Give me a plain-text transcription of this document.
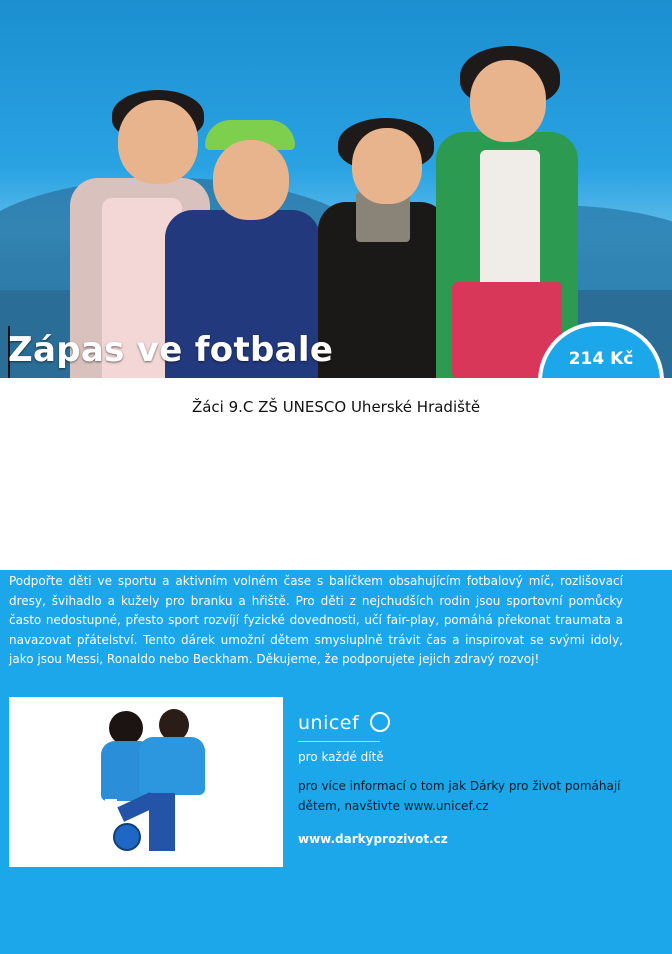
Zápas ve fotbale	214 Kč
Žáci 9.C ZŠ UNESCO Uherské Hradiště

Podpořte děti ve sportu a aktivním volném čase s balíčkem obsahujícím fotbalový míč, rozlišovací dresy, švihadlo a kužely pro branku a hřiště. Pro děti z nejchudších rodin jsou sportovní pomůcky často nedostupné, přesto sport rozvíjí fyzické dovednosti, učí fair-play, pomáhá překonat traumata a navazovat přátelství. Tento dárek umožní dětem smysluplně trávit čas a inspirovat se svými idoly, jako jsou Messi, Ronaldo nebo Beckham. Děkujeme, že podporujete jejich zdravý rozvoj!

unicef
pro každé dítě

pro více informací o tom jak Dárky pro život pomáhají dětem, navštivte www.unicef.cz

www.darkyprozivot.cz
